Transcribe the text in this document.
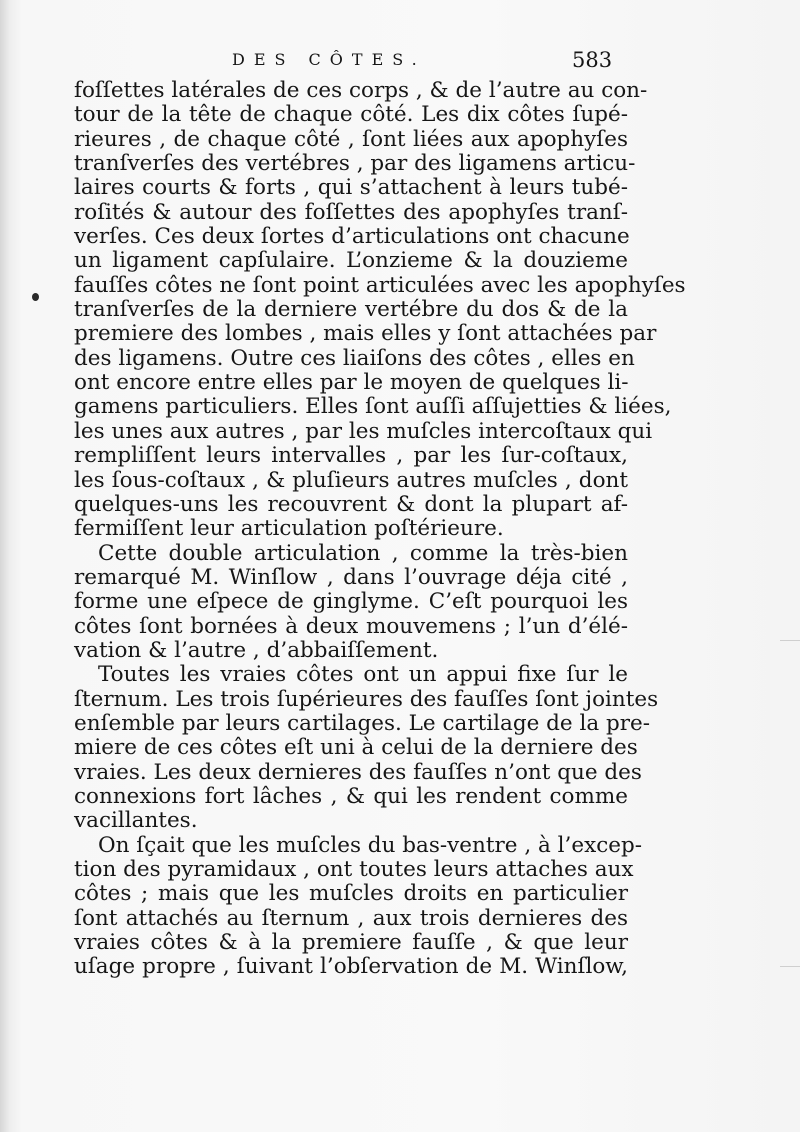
DES CÔTES.	583
foſſettes latérales de ces corps , & de l’autre au con-
tour de la tête de chaque côté. Les dix côtes ſupé-
rieures , de chaque côté , ſont liées aux apophyſes
tranſverſes des vertébres , par des ligamens articu-
laires courts & forts , qui s’attachent à leurs tubé-
roſités & autour des foſſettes des apophyſes tranſ-
verſes. Ces deux ſortes d’articulations ont chacune
un ligament capſulaire. L’onzieme & la douzieme
fauſſes côtes ne ſont point articulées avec les apophyſes
tranſverſes de la derniere vertébre du dos & de la
premiere des lombes , mais elles y ſont attachées par
des ligamens. Outre ces liaiſons des côtes , elles en
ont encore entre elles par le moyen de quelques li-
gamens particuliers. Elles ſont auſſi aſſujetties & liées,
les unes aux autres , par les muſcles intercoſtaux qui
rempliſſent leurs intervalles , par les ſur-coſtaux,
les ſous-coſtaux , & pluſieurs autres muſcles , dont
quelques-uns les recouvrent & dont la plupart af-
fermiſſent leur articulation poſtérieure.
Cette double articulation , comme la très-bien
remarqué M. Winſlow , dans l’ouvrage déja cité ,
forme une eſpece de ginglyme. C’eſt pourquoi les
côtes ſont bornées à deux mouvemens ; l’un d’élé-
vation & l’autre , d’abbaiſſement.
Toutes les vraies côtes ont un appui fixe ſur le
ſternum. Les trois ſupérieures des fauſſes ſont jointes
enſemble par leurs cartilages. Le cartilage de la pre-
miere de ces côtes eſt uni à celui de la derniere des
vraies. Les deux dernieres des fauſſes n’ont que des
connexions fort lâches , & qui les rendent comme
vacillantes.
On ſçait que les muſcles du bas-ventre , à l’excep-
tion des pyramidaux , ont toutes leurs attaches aux
côtes ; mais que les muſcles droits en particulier
ſont attachés au ſternum , aux trois dernieres des
vraies côtes & à la premiere fauſſe , & que leur
uſage propre , ſuivant l’obſervation de M. Winſlow,
